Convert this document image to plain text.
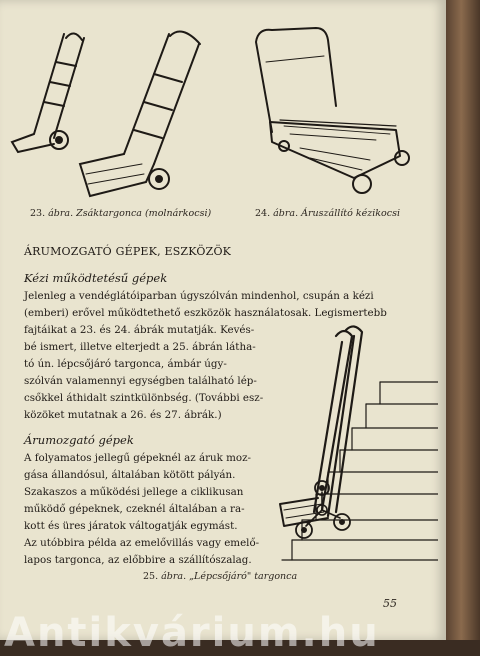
23. ábra. Zsáktargonca (molnárkocsi)	24. ábra. Áruszállító kézikocsi
ÁRUMOZGATÓ GÉPEK, ESZKÖZÖK
Kézi működtetésű gépek
Jelenleg a vendéglátóiparban úgyszólván mindenhol, csupán a kézi
(emberi) erővel működtethető eszközök használatosak. Legismertebb
fajtáikat a 23. és 24. ábrák mutatják. Kevés-
bé ismert, illetve elterjedt a 25. ábrán látha-
tó ún. lépcsőjáró targonca, ámbár úgy-
szólván valamennyi egységben található lép-
csőkkel áthidalt szintkülönbség. (További esz-
közöket mutatnak a 26. és 27. ábrák.)
Árumozgató gépek
A folyamatos jellegű gépeknél az áruk moz-
gása állandósul, általában kötött pályán.
Szakaszos a működési jellege a ciklikusan
működő gépeknek, czeknél általában a ra-
kott és üres járatok váltogatják egymást.
Az utóbbira példa az emelővillás vagy emelő-
lapos targonca, az előbbire a szállítószalag.
25. ábra. „Lépcsőjáró" targonca
55
Antikvárium.hu
